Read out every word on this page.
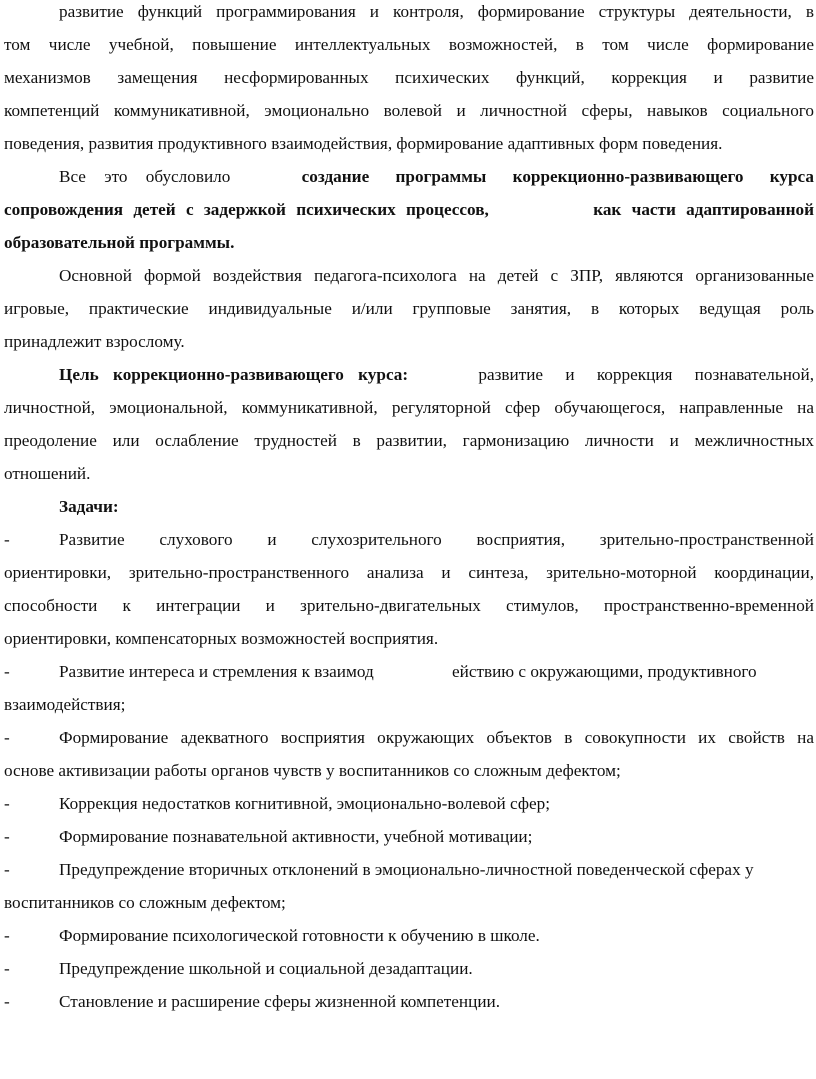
развитие функций программирования и контроля, формирование структуры деятельности, в
том числе учебной, повышение интеллектуальных возможностей, в том числе формирование
механизмов замещения несформированных психических функций, коррекция и развитие
компетенций коммуникативной, эмоционально волевой и личностной сферы, навыков социального
поведения, развития продуктивного взаимодействия, формирование адаптивных форм поведения.
Все это обусловило	создание программы коррекционно-развивающего курса
сопровождения детей с задержкой психических процессов,	как части адаптированной
образовательной программы.
Основной формой воздействия педагога-психолога на детей с ЗПР, являются организованные
игровые, практические индивидуальные и/или групповые занятия, в которых ведущая роль
принадлежит взрослому.
Цель коррекционно-развивающего курса:	развитие и коррекция познавательной,
личностной, эмоциональной, коммуникативной, регуляторной сфер обучающегося, направленные на
преодоление или ослабление трудностей в развитии, гармонизацию личности и межличностных
отношений.
Задачи:
-	Развитие слухового и слухозрительного восприятия, зрительно-пространственной
ориентировки, зрительно-пространственного анализа и синтеза, зрительно-моторной координации,
способности к интеграции и зрительно-двигательных стимулов, пространственно-временной
ориентировки, компенсаторных возможностей восприятия.
-	Развитие интереса и стремления к взаимод	ействию с окружающими, продуктивного
взаимодействия;
-	Формирование адекватного восприятия окружающих объектов в совокупности их свойств на
основе активизации работы органов чувств у воспитанников со сложным дефектом;
-	Коррекция недостатков когнитивной, эмоционально-волевой сфер;
-	Формирование познавательной активности, учебной мотивации;
-	Предупреждение вторичных отклонений в эмоционально-личностной поведенческой сферах у
воспитанников со сложным дефектом;
-	Формирование психологической готовности к обучению в школе.
-	Предупреждение школьной и социальной дезадаптации.
-	Становление и расширение сферы жизненной компетенции.
